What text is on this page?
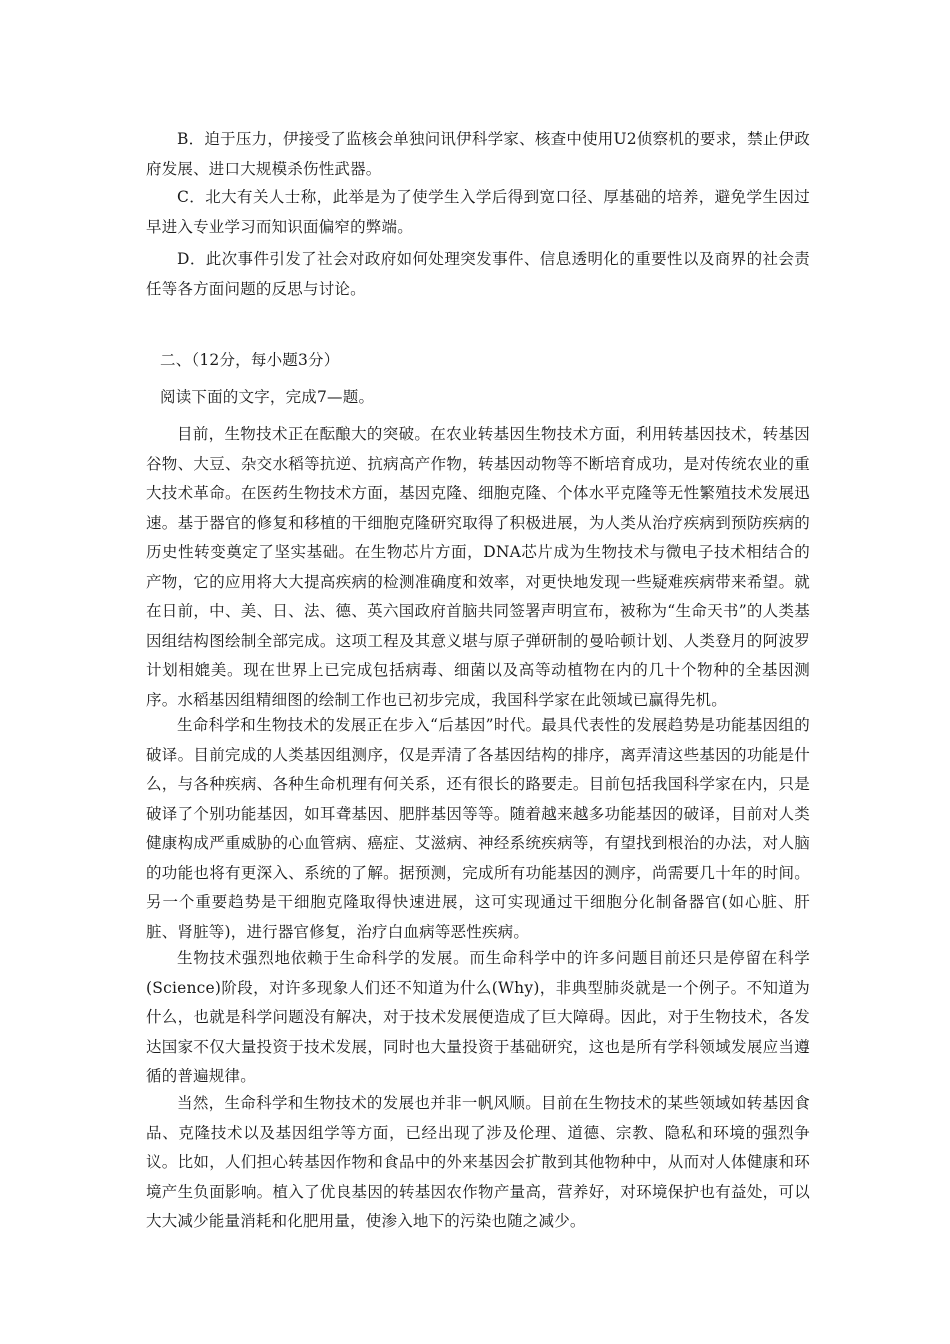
B．迫于压力，伊接受了监核会单独问讯伊科学家、核查中使用U2侦察机的要求，禁止伊政府发展、进口大规模杀伤性武器。

C．北大有关人士称，此举是为了使学生入学后得到宽口径、厚基础的培养，避免学生因过早进入专业学习而知识面偏窄的弊端。

D．此次事件引发了社会对政府如何处理突发事件、信息透明化的重要性以及商界的社会责任等各方面问题的反思与讨论。

二、（12分，每小题3分）

阅读下面的文字，完成7—题。

目前，生物技术正在酝酿大的突破。在农业转基因生物技术方面，利用转基因技术，转基因谷物、大豆、杂交水稻等抗逆、抗病高产作物，转基因动物等不断培育成功，是对传统农业的重大技术革命。在医药生物技术方面，基因克隆、细胞克隆、个体水平克隆等无性繁殖技术发展迅速。基于器官的修复和移植的干细胞克隆研究取得了积极进展，为人类从治疗疾病到预防疾病的历史性转变奠定了坚实基础。在生物芯片方面，DNA芯片成为生物技术与微电子技术相结合的产物，它的应用将大大提高疾病的检测准确度和效率，对更快地发现一些疑难疾病带来希望。就在日前，中、美、日、法、德、英六国政府首脑共同签署声明宣布，被称为“生命天书”的人类基因组结构图绘制全部完成。这项工程及其意义堪与原子弹研制的曼哈顿计划、人类登月的阿波罗计划相媲美。现在世界上已完成包括病毒、细菌以及高等动植物在内的几十个物种的全基因测序。水稻基因组精细图的绘制工作也已初步完成，我国科学家在此领域已赢得先机。

生命科学和生物技术的发展正在步入“后基因”时代。最具代表性的发展趋势是功能基因组的破译。目前完成的人类基因组测序，仅是弄清了各基因结构的排序，离弄清这些基因的功能是什么，与各种疾病、各种生命机理有何关系，还有很长的路要走。目前包括我国科学家在内，只是破译了个别功能基因，如耳聋基因、肥胖基因等等。随着越来越多功能基因的破译，目前对人类健康构成严重威胁的心血管病、癌症、艾滋病、神经系统疾病等，有望找到根治的办法，对人脑的功能也将有更深入、系统的了解。据预测，完成所有功能基因的测序，尚需要几十年的时间。另一个重要趋势是干细胞克隆取得快速进展，这可实现通过干细胞分化制备器官(如心脏、肝脏、肾脏等)，进行器官修复，治疗白血病等恶性疾病。

生物技术强烈地依赖于生命科学的发展。而生命科学中的许多问题目前还只是停留在科学(Science)阶段，对许多现象人们还不知道为什么(Why)，非典型肺炎就是一个例子。不知道为什么，也就是科学问题没有解决，对于技术发展便造成了巨大障碍。因此，对于生物技术，各发达国家不仅大量投资于技术发展，同时也大量投资于基础研究，这也是所有学科领域发展应当遵循的普遍规律。

当然，生命科学和生物技术的发展也并非一帆风顺。目前在生物技术的某些领域如转基因食品、克隆技术以及基因组学等方面，已经出现了涉及伦理、道德、宗教、隐私和环境的强烈争议。比如，人们担心转基因作物和食品中的外来基因会扩散到其他物种中，从而对人体健康和环境产生负面影响。植入了优良基因的转基因农作物产量高，营养好，对环境保护也有益处，可以大大减少能量消耗和化肥用量，使渗入地下的污染也随之减少。
